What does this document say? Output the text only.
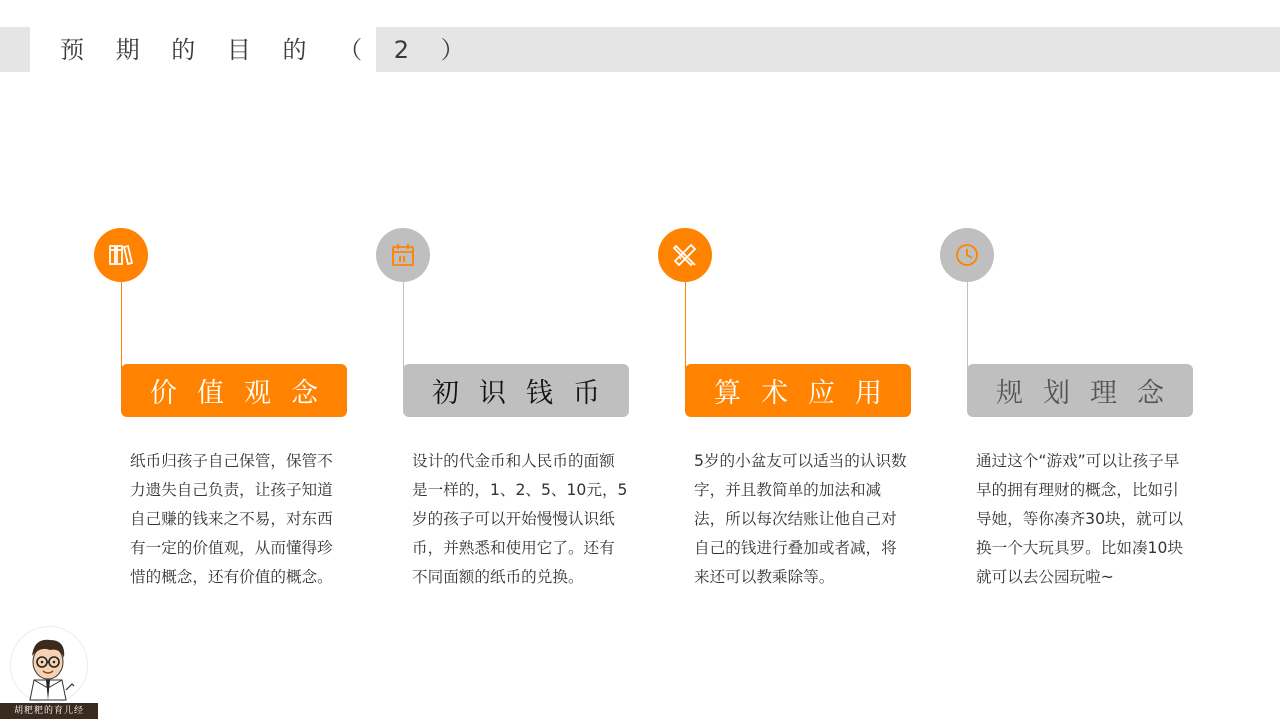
预 期 的 目 的 （ 2 ）
价值观念
纸币归孩子自己保管，保管不力遗失自己负责，让孩子知道自己赚的钱来之不易，对东西有一定的价值观，从而懂得珍惜的概念，还有价值的概念。
初识钱币
设计的代金币和人民币的面额是一样的，1、2、5、10元，5岁的孩子可以开始慢慢认识纸币，并熟悉和使用它了。还有不同面额的纸币的兑换。
算术应用
5岁的小盆友可以适当的认识数字，并且教简单的加法和减法，所以每次结账让他自己对自己的钱进行叠加或者减，将来还可以教乘除等。
规划理念
通过这个“游戏”可以让孩子早早的拥有理财的概念，比如引导她，等你凑齐30块，就可以换一个大玩具罗。比如凑10块就可以去公园玩啦~
胡粑粑的育儿经
